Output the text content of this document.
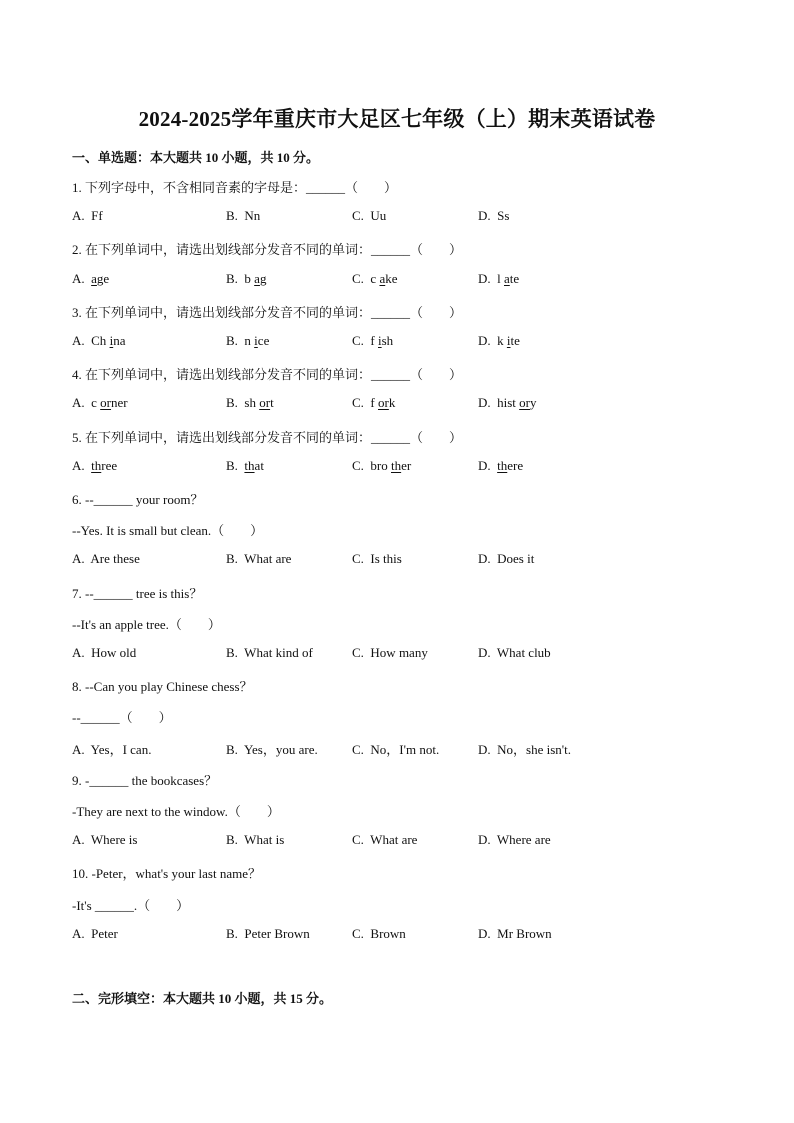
2024-2025学年重庆市大足区七年级（上）期末英语试卷
一、单选题：本大题共 10 小题，共 10 分。
1. 下列字母中，不含相同音素的字母是：______（　　）
A.  Ff	B.  Nn	C.  Uu	D.  Ss
2. 在下列单词中，请选出划线部分发音不同的单词：______（　　）
A.  age	B.  b ag	C.  c ake	D.  l ate
3. 在下列单词中，请选出划线部分发音不同的单词：______（　　）
A.  Ch ina	B.  n ice	C.  f ish	D.  k ite
4. 在下列单词中，请选出划线部分发音不同的单词：______（　　）
A.  c orner	B.  sh ort	C.  f ork	D.  hist ory
5. 在下列单词中，请选出划线部分发音不同的单词：______（　　）
A.  three	B.  that	C.  bro ther	D.  there
6. --______ your room？
--Yes. It is small but clean.（　　）
A.  Are these	B.  What are	C.  Is this	D.  Does it
7. --______ tree is this？
--It's an apple tree.（　　）
A.  How old	B.  What kind of	C.  How many	D.  What club
8. --Can you play Chinese chess？
--______（　　）
A.  Yes，I can.	B.  Yes，you are.	C.  No，I'm not.	D.  No，she isn't.
9. -______ the bookcases？
-They are next to the window.（　　）
A.  Where is	B.  What is	C.  What are	D.  Where are
10. -Peter，what's your last name？
-It's ______.（　　）
A.  Peter	B.  Peter Brown	C.  Brown	D.  Mr Brown
二、完形填空：本大题共 10 小题，共 15 分。
